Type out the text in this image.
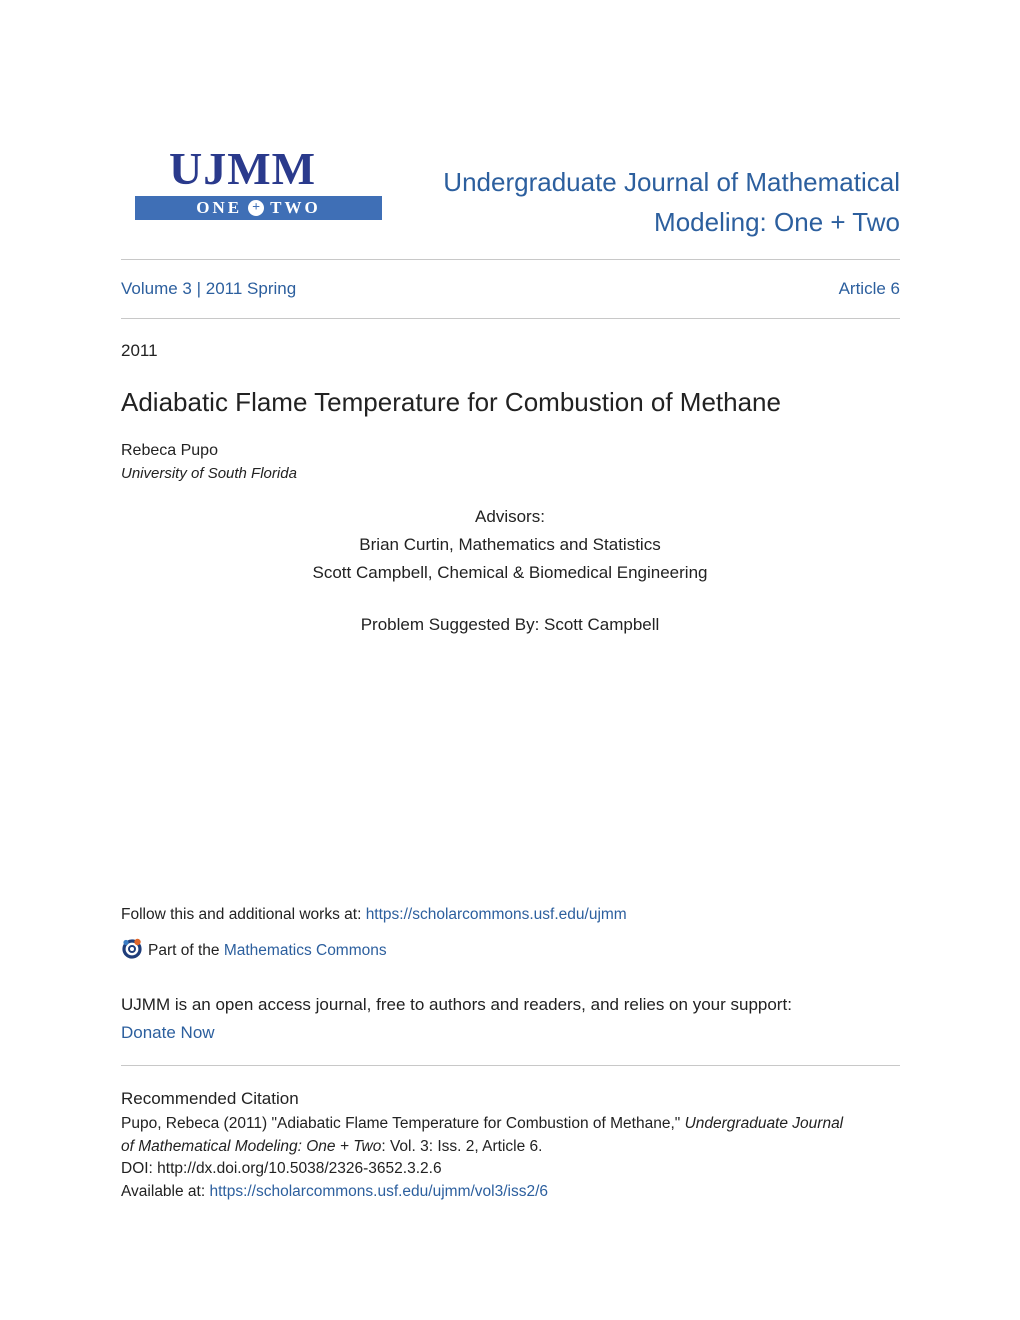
UJMM
ONE + TWO
Undergraduate Journal of Mathematical
Modeling: One + Two
Volume 3 | 2011 Spring	Article 6
2011
Adiabatic Flame Temperature for Combustion of Methane
Rebeca Pupo
University of South Florida
Advisors:
Brian Curtin, Mathematics and Statistics
Scott Campbell, Chemical & Biomedical Engineering
Problem Suggested By: Scott Campbell
Follow this and additional works at: https://scholarcommons.usf.edu/ujmm
Part of the
Mathematics Commons
UJMM is an open access journal, free to authors and readers, and relies on your support:
Donate Now
Recommended Citation
Pupo, Rebeca (2011) "Adiabatic Flame Temperature for Combustion of Methane," Undergraduate Journal
of Mathematical Modeling: One + Two: Vol. 3: Iss. 2, Article 6.
DOI: http://dx.doi.org/10.5038/2326-3652.3.2.6
Available at: https://scholarcommons.usf.edu/ujmm/vol3/iss2/6
